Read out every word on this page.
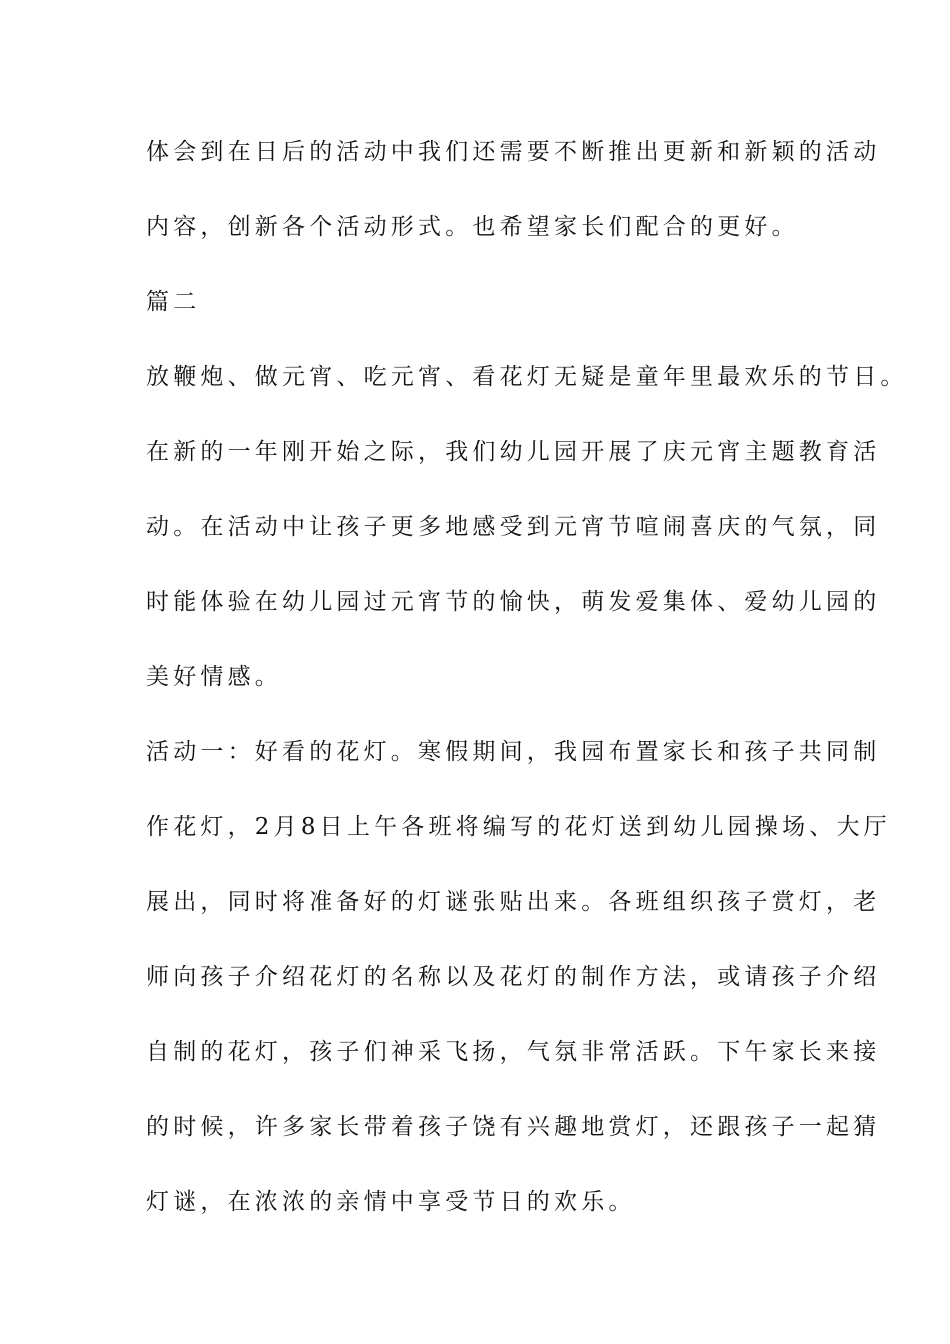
体会到在日后的活动中我们还需要不断推出更新和新颖的活动
内容，创新各个活动形式。也希望家长们配合的更好。
篇二
放鞭炮、做元宵、吃元宵、看花灯无疑是童年里最欢乐的节日。
在新的一年刚开始之际，我们幼儿园开展了庆元宵主题教育活
动。在活动中让孩子更多地感受到元宵节喧闹喜庆的气氛，同
时能体验在幼儿园过元宵节的愉快，萌发爱集体、爱幼儿园的
美好情感。
活动一：好看的花灯。寒假期间，我园布置家长和孩子共同制
作花灯，2月8日上午各班将编写的花灯送到幼儿园操场、大厅
展出，同时将准备好的灯谜张贴出来。各班组织孩子赏灯，老
师向孩子介绍花灯的名称以及花灯的制作方法，或请孩子介绍
自制的花灯，孩子们神采飞扬，气氛非常活跃。下午家长来接
的时候，许多家长带着孩子饶有兴趣地赏灯，还跟孩子一起猜
灯谜，在浓浓的亲情中享受节日的欢乐。
